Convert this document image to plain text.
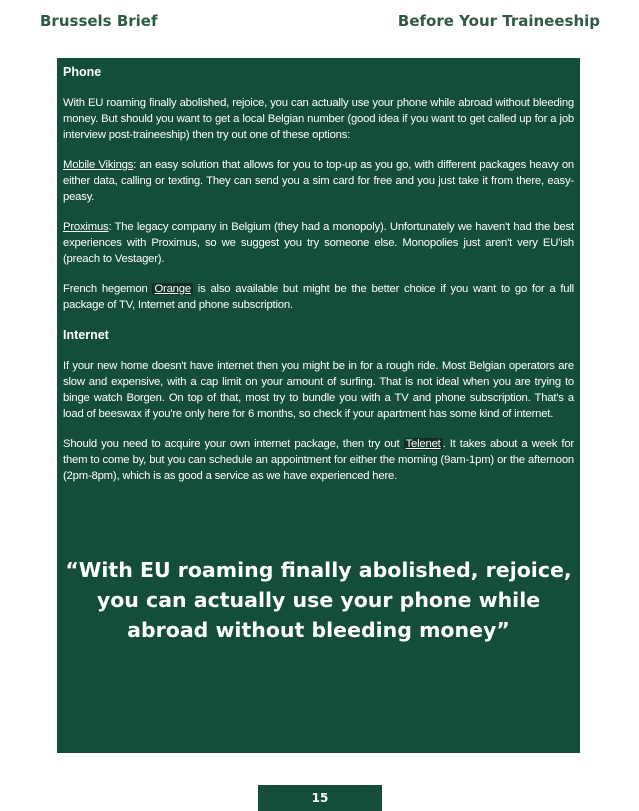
Brussels Brief	Before Your Traineeship
Phone

With EU roaming finally abolished, rejoice, you can actually use your phone while abroad without bleeding money. But should you want to get a local Belgian number (good idea if you want to get called up for a job interview post-traineeship) then try out one of these options:

Mobile Vikings: an easy solution that allows for you to top-up as you go, with different packages heavy on either data, calling or texting. They can send you a sim card for free and you just take it from there, easy-peasy.

Proximus: The legacy company in Belgium (they had a monopoly). Unfortunately we haven't had the best experiences with Proximus, so we suggest you try someone else. Monopolies just aren't very EU'ish (preach to Vestager).

French hegemon Orange is also available but might be the better choice if you want to go for a full package of TV, Internet and phone subscription.

Internet

If your new home doesn't have internet then you might be in for a rough ride. Most Belgian operators are slow and expensive, with a cap limit on your amount of surfing. That is not ideal when you are trying to binge watch Borgen. On top of that, most try to bundle you with a TV and phone subscription. That's a load of beeswax if you're only here for 6 months, so check if your apartment has some kind of internet.

Should you need to acquire your own internet package, then try out Telenet . It takes about a week for them to come by, but you can schedule an appointment for either the morning (9am-1pm) or the afternoon (2pm-8pm), which is as good a service as we have experienced here.

“With EU roaming finally abolished, rejoice, you can actually use your phone while abroad without bleeding money”
15
